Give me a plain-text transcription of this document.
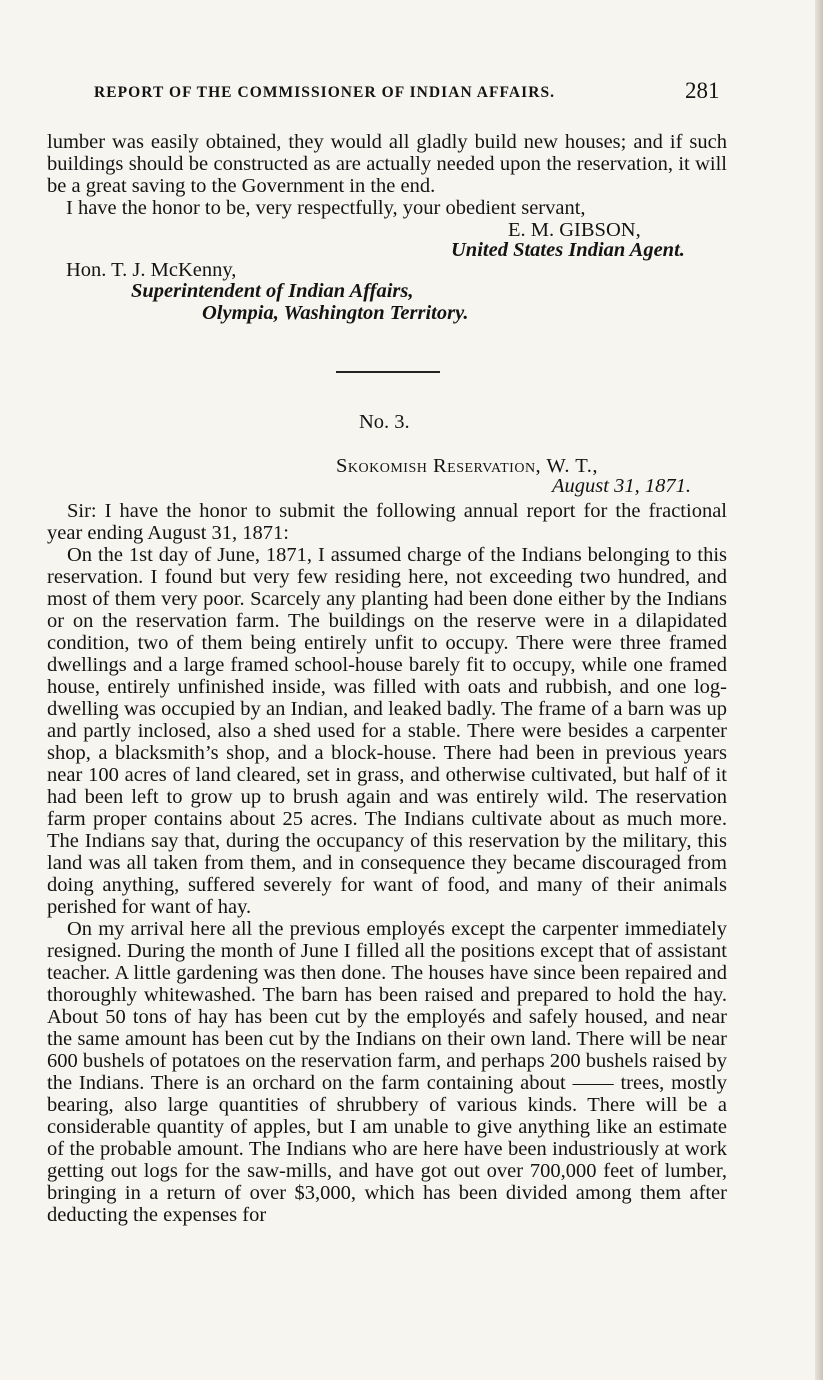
REPORT OF THE COMMISSIONER OF INDIAN AFFAIRS.	281

lumber was easily obtained, they would all gladly build new houses; and if such buildings should be constructed as are actually needed upon the reservation, it will be a great saving to the Government in the end.

I have the honor to be, very respectfully, your obedient servant,
E. M. GIBSON,
United States Indian Agent.
Hon. T. J. McKenny,
Superintendent of Indian Affairs,
Olympia, Washington Territory.
No. 3.
Skokomish Reservation, W. T.,
August 31, 1871.

Sir: I have the honor to submit the following annual report for the fractional year ending August 31, 1871:

On the 1st day of June, 1871, I assumed charge of the Indians belonging to this reservation. I found but very few residing here, not exceeding two hundred, and most of them very poor. Scarcely any planting had been done either by the Indians or on the reservation farm. The buildings on the reserve were in a dilapidated condition, two of them being entirely unfit to occupy. There were three framed dwellings and a large framed school-house barely fit to occupy, while one framed house, entirely unfinished inside, was filled with oats and rubbish, and one log-dwelling was occupied by an Indian, and leaked badly. The frame of a barn was up and partly inclosed, also a shed used for a stable. There were besides a carpenter shop, a blacksmith’s shop, and a block-house. There had been in previous years near 100 acres of land cleared, set in grass, and otherwise cultivated, but half of it had been left to grow up to brush again and was entirely wild. The reservation farm proper contains about 25 acres. The Indians cultivate about as much more. The Indians say that, during the occupancy of this reservation by the military, this land was all taken from them, and in consequence they became discouraged from doing anything, suffered severely for want of food, and many of their animals perished for want of hay.

On my arrival here all the previous employés except the carpenter immediately resigned. During the month of June I filled all the positions except that of assistant teacher. A little gardening was then done. The houses have since been repaired and thoroughly whitewashed. The barn has been raised and prepared to hold the hay. About 50 tons of hay has been cut by the employés and safely housed, and near the same amount has been cut by the Indians on their own land. There will be near 600 bushels of potatoes on the reservation farm, and perhaps 200 bushels raised by the Indians. There is an orchard on the farm containing about —— trees, mostly bearing, also large quantities of shrubbery of various kinds. There will be a considerable quantity of apples, but I am unable to give anything like an estimate of the probable amount. The Indians who are here have been industriously at work getting out logs for the saw-mills, and have got out over 700,000 feet of lumber, bringing in a return of over $3,000, which has been divided among them after deducting the expenses for
